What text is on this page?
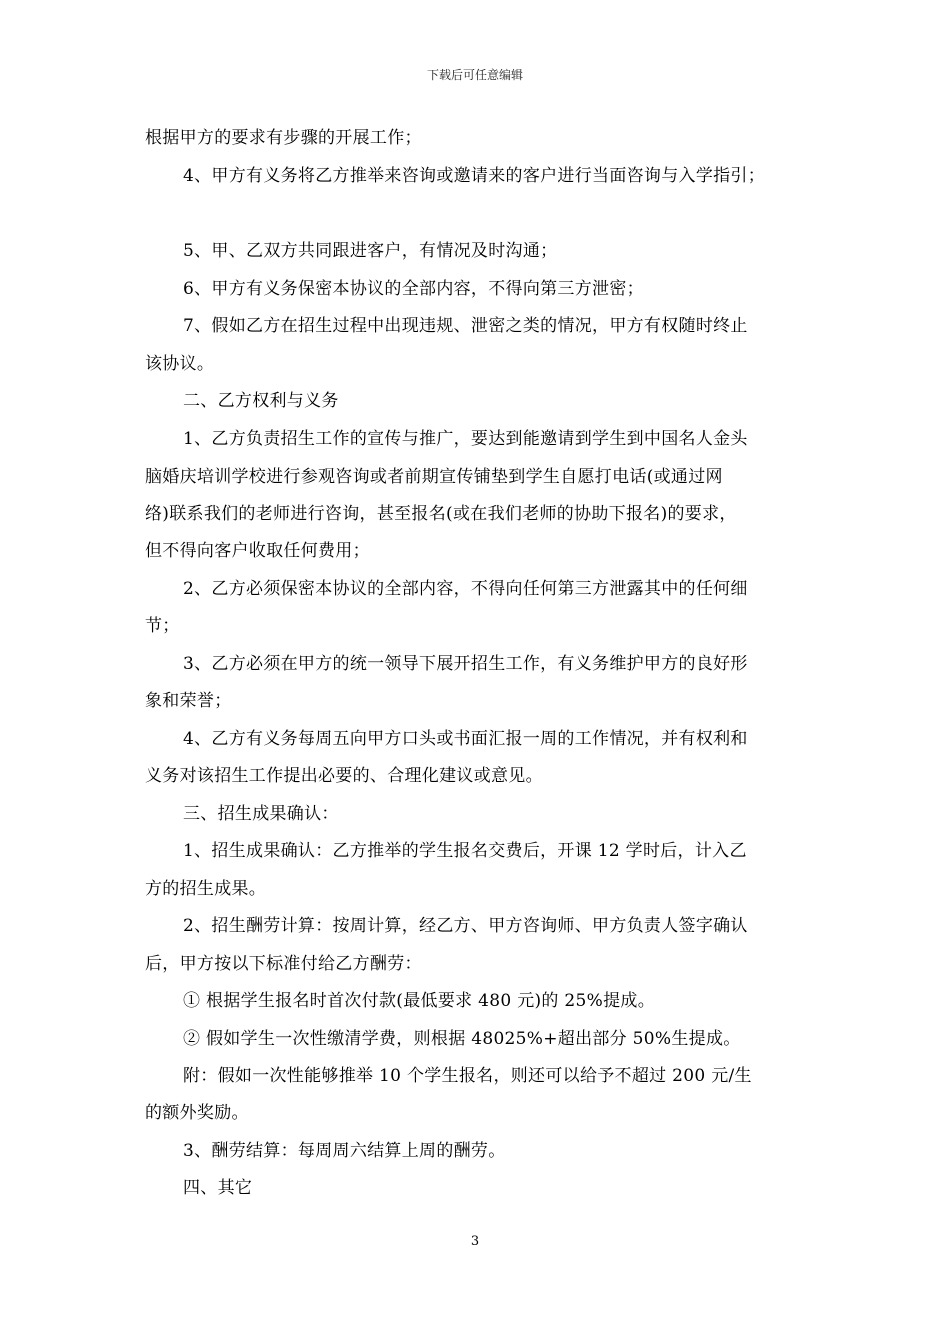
下载后可任意编辑
根据甲方的要求有步骤的开展工作；
4、甲方有义务将乙方推举来咨询或邀请来的客户进行当面咨询与入学指引；
5、甲、乙双方共同跟进客户，有情况及时沟通；
6、甲方有义务保密本协议的全部内容，不得向第三方泄密；
7、假如乙方在招生过程中出现违规、泄密之类的情况，甲方有权随时终止
该协议。
二、乙方权利与义务
1、乙方负责招生工作的宣传与推广，要达到能邀请到学生到中国名人金头
脑婚庆培训学校进行参观咨询或者前期宣传铺垫到学生自愿打电话(或通过网
络)联系我们的老师进行咨询，甚至报名(或在我们老师的协助下报名)的要求，
但不得向客户收取任何费用；
2、乙方必须保密本协议的全部内容，不得向任何第三方泄露其中的任何细
节；
3、乙方必须在甲方的统一领导下展开招生工作，有义务维护甲方的良好形
象和荣誉；
4、乙方有义务每周五向甲方口头或书面汇报一周的工作情况，并有权利和
义务对该招生工作提出必要的、合理化建议或意见。
三、招生成果确认：
1、招生成果确认：乙方推举的学生报名交费后，开课 12 学时后，计入乙
方的招生成果。
2、招生酬劳计算：按周计算，经乙方、甲方咨询师、甲方负责人签字确认
后，甲方按以下标准付给乙方酬劳：
① 根据学生报名时首次付款(最低要求 480 元)的 25%提成。
② 假如学生一次性缴清学费，则根据 48025%+超出部分 50%生提成。
附：假如一次性能够推举 10 个学生报名，则还可以给予不超过 200 元/生
的额外奖励。
3、酬劳结算：每周周六结算上周的酬劳。
四、其它
3
